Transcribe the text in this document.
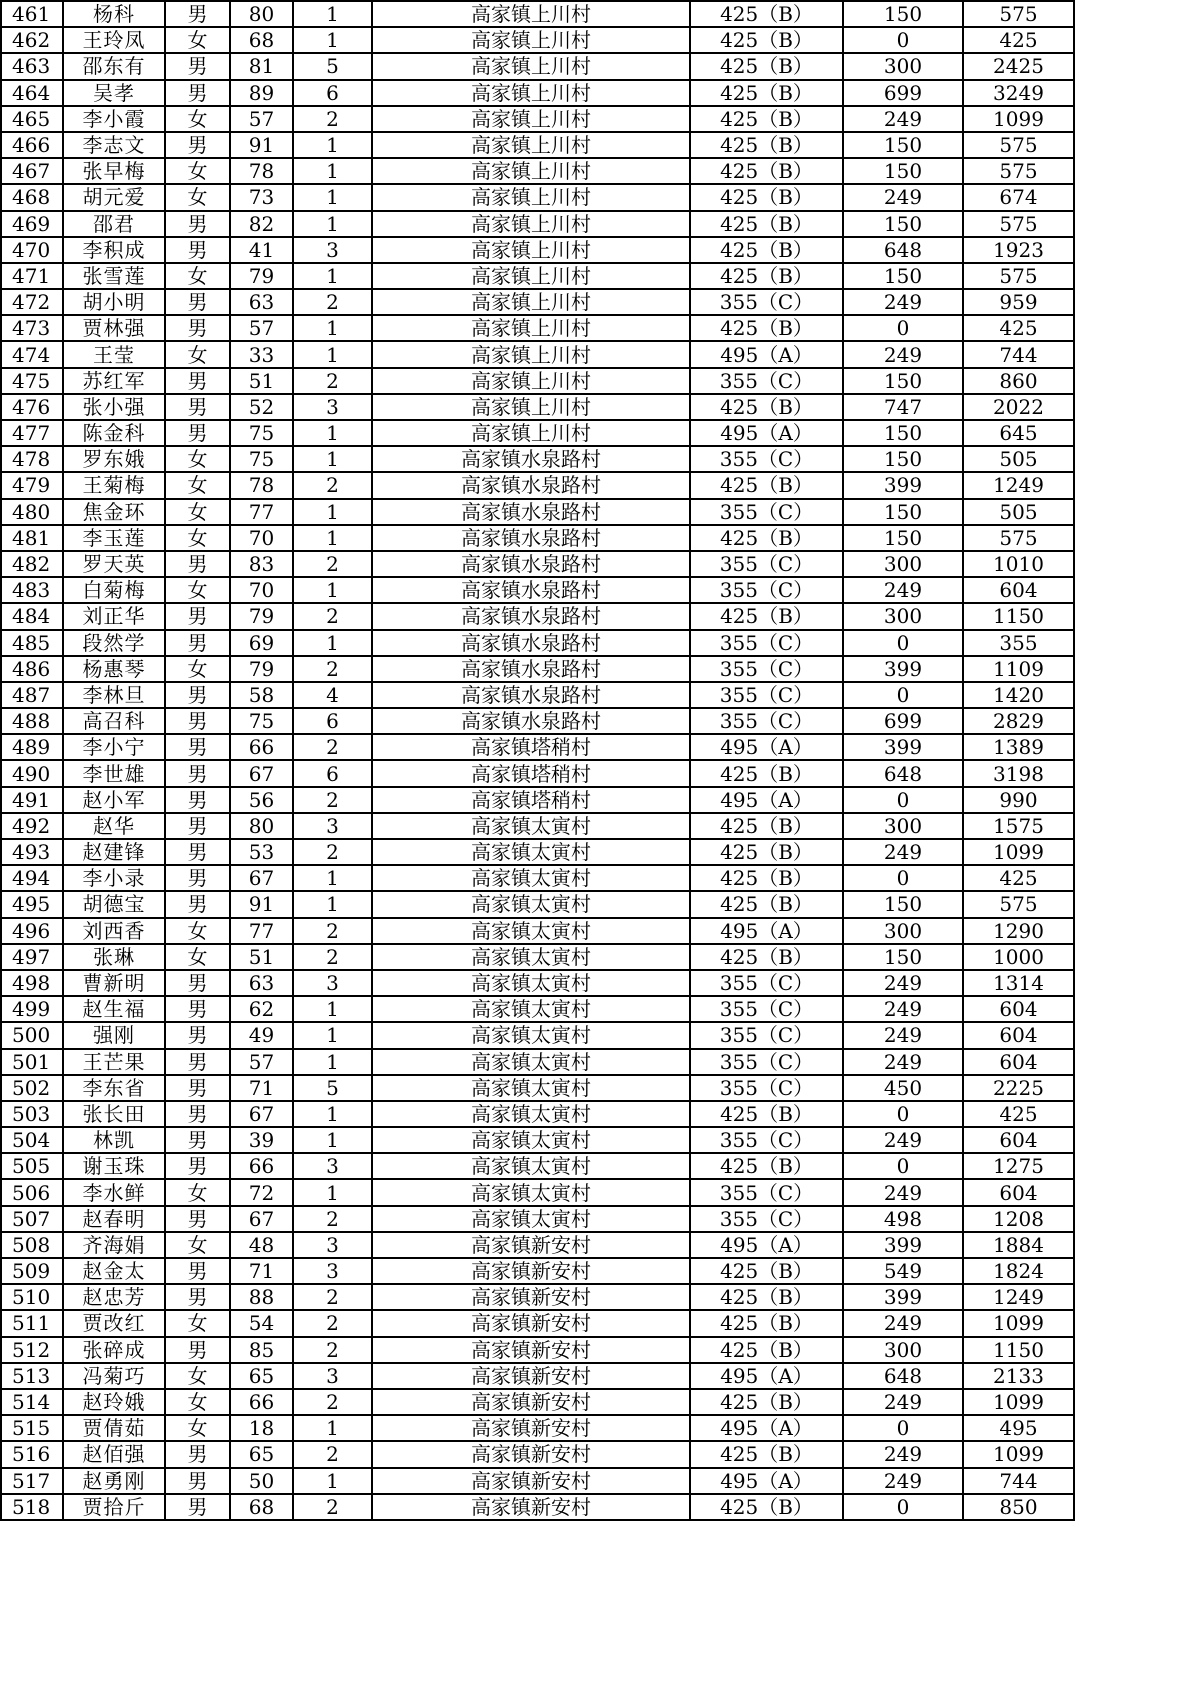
461	杨科	男	80	1	高家镇上川村	425（B）	150	575
462	王玲凤	女	68	1	高家镇上川村	425（B）	0	425
463	邵东有	男	81	5	高家镇上川村	425（B）	300	2425
464	吴孝	男	89	6	高家镇上川村	425（B）	699	3249
465	李小霞	女	57	2	高家镇上川村	425（B）	249	1099
466	李志文	男	91	1	高家镇上川村	425（B）	150	575
467	张早梅	女	78	1	高家镇上川村	425（B）	150	575
468	胡元爱	女	73	1	高家镇上川村	425（B）	249	674
469	邵君	男	82	1	高家镇上川村	425（B）	150	575
470	李积成	男	41	3	高家镇上川村	425（B）	648	1923
471	张雪莲	女	79	1	高家镇上川村	425（B）	150	575
472	胡小明	男	63	2	高家镇上川村	355（C）	249	959
473	贾林强	男	57	1	高家镇上川村	425（B）	0	425
474	王莹	女	33	1	高家镇上川村	495（A）	249	744
475	苏红军	男	51	2	高家镇上川村	355（C）	150	860
476	张小强	男	52	3	高家镇上川村	425（B）	747	2022
477	陈金科	男	75	1	高家镇上川村	495（A）	150	645
478	罗东娥	女	75	1	高家镇水泉路村	355（C）	150	505
479	王菊梅	女	78	2	高家镇水泉路村	425（B）	399	1249
480	焦金环	女	77	1	高家镇水泉路村	355（C）	150	505
481	李玉莲	女	70	1	高家镇水泉路村	425（B）	150	575
482	罗天英	男	83	2	高家镇水泉路村	355（C）	300	1010
483	白菊梅	女	70	1	高家镇水泉路村	355（C）	249	604
484	刘正华	男	79	2	高家镇水泉路村	425（B）	300	1150
485	段然学	男	69	1	高家镇水泉路村	355（C）	0	355
486	杨惠琴	女	79	2	高家镇水泉路村	355（C）	399	1109
487	李林旦	男	58	4	高家镇水泉路村	355（C）	0	1420
488	高召科	男	75	6	高家镇水泉路村	355（C）	699	2829
489	李小宁	男	66	2	高家镇塔稍村	495（A）	399	1389
490	李世雄	男	67	6	高家镇塔稍村	425（B）	648	3198
491	赵小军	男	56	2	高家镇塔稍村	495（A）	0	990
492	赵华	男	80	3	高家镇太寅村	425（B）	300	1575
493	赵建锋	男	53	2	高家镇太寅村	425（B）	249	1099
494	李小录	男	67	1	高家镇太寅村	425（B）	0	425
495	胡德宝	男	91	1	高家镇太寅村	425（B）	150	575
496	刘西香	女	77	2	高家镇太寅村	495（A）	300	1290
497	张琳	女	51	2	高家镇太寅村	425（B）	150	1000
498	曹新明	男	63	3	高家镇太寅村	355（C）	249	1314
499	赵生福	男	62	1	高家镇太寅村	355（C）	249	604
500	强刚	男	49	1	高家镇太寅村	355（C）	249	604
501	王芒果	男	57	1	高家镇太寅村	355（C）	249	604
502	李东省	男	71	5	高家镇太寅村	355（C）	450	2225
503	张长田	男	67	1	高家镇太寅村	425（B）	0	425
504	林凯	男	39	1	高家镇太寅村	355（C）	249	604
505	谢玉珠	男	66	3	高家镇太寅村	425（B）	0	1275
506	李水鲜	女	72	1	高家镇太寅村	355（C）	249	604
507	赵春明	男	67	2	高家镇太寅村	355（C）	498	1208
508	齐海娟	女	48	3	高家镇新安村	495（A）	399	1884
509	赵金太	男	71	3	高家镇新安村	425（B）	549	1824
510	赵忠芳	男	88	2	高家镇新安村	425（B）	399	1249
511	贾改红	女	54	2	高家镇新安村	425（B）	249	1099
512	张碎成	男	85	2	高家镇新安村	425（B）	300	1150
513	冯菊巧	女	65	3	高家镇新安村	495（A）	648	2133
514	赵玲娥	女	66	2	高家镇新安村	425（B）	249	1099
515	贾倩茹	女	18	1	高家镇新安村	495（A）	0	495
516	赵佰强	男	65	2	高家镇新安村	425（B）	249	1099
517	赵勇刚	男	50	1	高家镇新安村	495（A）	249	744
518	贾拾斤	男	68	2	高家镇新安村	425（B）	0	850
